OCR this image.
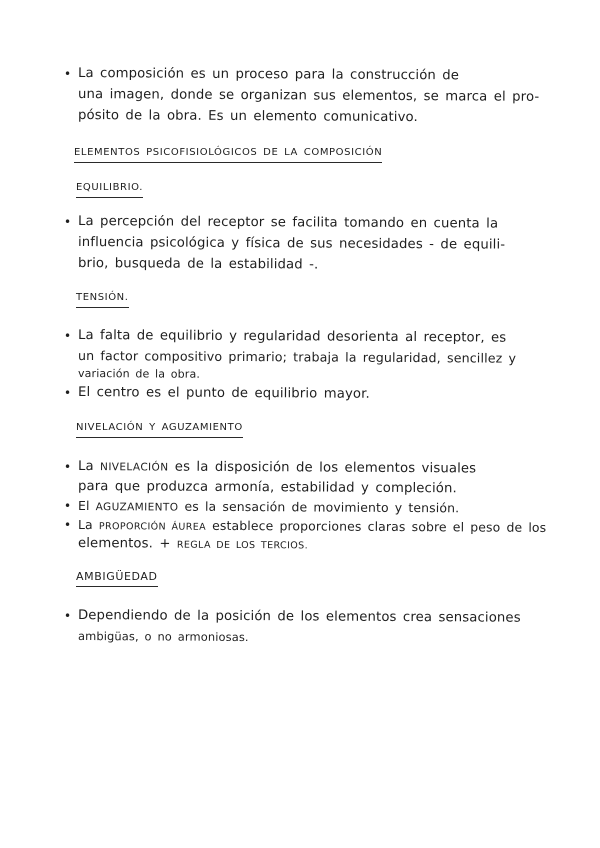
• La composición es un proceso para la construcción de
una imagen, donde se organizan sus elementos, se marca el pro-
pósito de la obra. Es un elemento comunicativo.
ELEMENTOS PSICOFISIOLÓGICOS DE LA COMPOSICIÓN
EQUILIBRIO.
• La percepción del receptor se facilita tomando en cuenta la
influencia psicológica y física de sus necesidades - de equili-
brio, busqueda de la estabilidad -.
TENSIÓN.
• La falta de equilibrio y regularidad desorienta al receptor, es
un factor compositivo primario; trabaja la regularidad, sencillez y
variación de la obra.
• El centro es el punto de equilibrio mayor.
NIVELACIÓN Y AGUZAMIENTO
• La NIVELACIÓN es la disposición de los elementos visuales
para que produzca armonía, estabilidad y compleción.
• El AGUZAMIENTO es la sensación de movimiento y tensión.
• La PROPORCIÓN ÁUREA establece proporciones claras sobre el peso de los
elementos. + REGLA DE LOS TERCIOS.
AMBIGÜEDAD
• Dependiendo de la posición de los elementos crea sensaciones
ambigüas, o no armoniosas.
